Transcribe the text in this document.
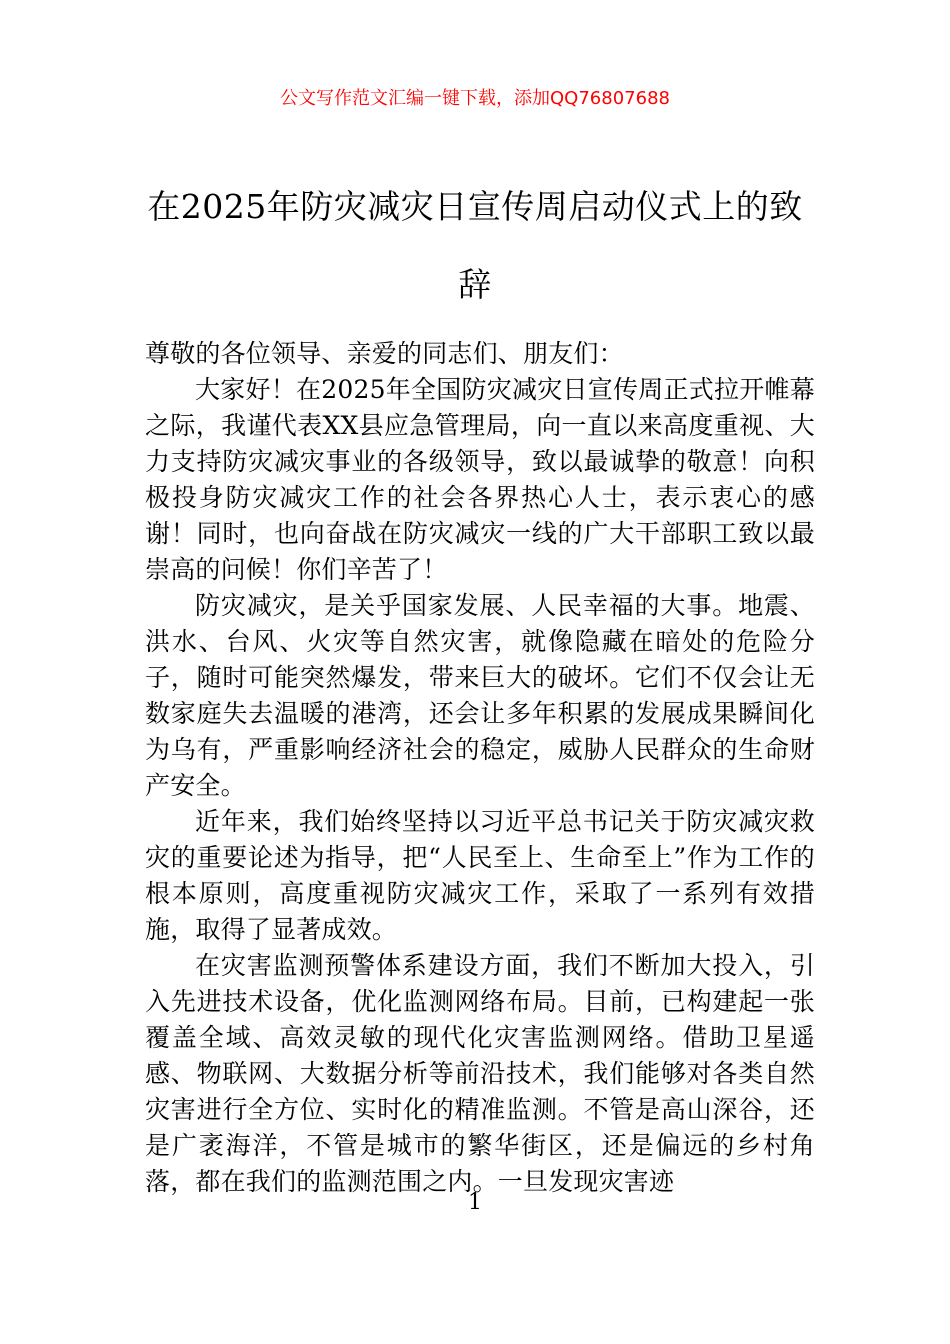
公文写作范文汇编一键下载，添加QQ76807688
在2025年防灾减灾日宣传周启动仪式上的致辞

尊敬的各位领导、亲爱的同志们、朋友们：

大家好！在2025年全国防灾减灾日宣传周正式拉开帷幕之际，我谨代表XX县应急管理局，向一直以来高度重视、大力支持防灾减灾事业的各级领导，致以最诚挚的敬意！向积极投身防灾减灾工作的社会各界热心人士，表示衷心的感谢！同时，也向奋战在防灾减灾一线的广大干部职工致以最崇高的问候！你们辛苦了！

防灾减灾，是关乎国家发展、人民幸福的大事。地震、洪水、台风、火灾等自然灾害，就像隐藏在暗处的危险分子，随时可能突然爆发，带来巨大的破坏。它们不仅会让无数家庭失去温暖的港湾，还会让多年积累的发展成果瞬间化为乌有，严重影响经济社会的稳定，威胁人民群众的生命财产安全。

近年来，我们始终坚持以习近平总书记关于防灾减灾救灾的重要论述为指导，把“人民至上、生命至上”作为工作的根本原则，高度重视防灾减灾工作，采取了一系列有效措施，取得了显著成效。

在灾害监测预警体系建设方面，我们不断加大投入，引入先进技术设备，优化监测网络布局。目前，已构建起一张覆盖全域、高效灵敏的现代化灾害监测网络。借助卫星遥感、物联网、大数据分析等前沿技术，我们能够对各类自然灾害进行全方位、实时化的精准监测。不管是高山深谷，还是广袤海洋，不管是城市的繁华街区，还是偏远的乡村角落，都在我们的监测范围之内。一旦发现灾害迹

1
